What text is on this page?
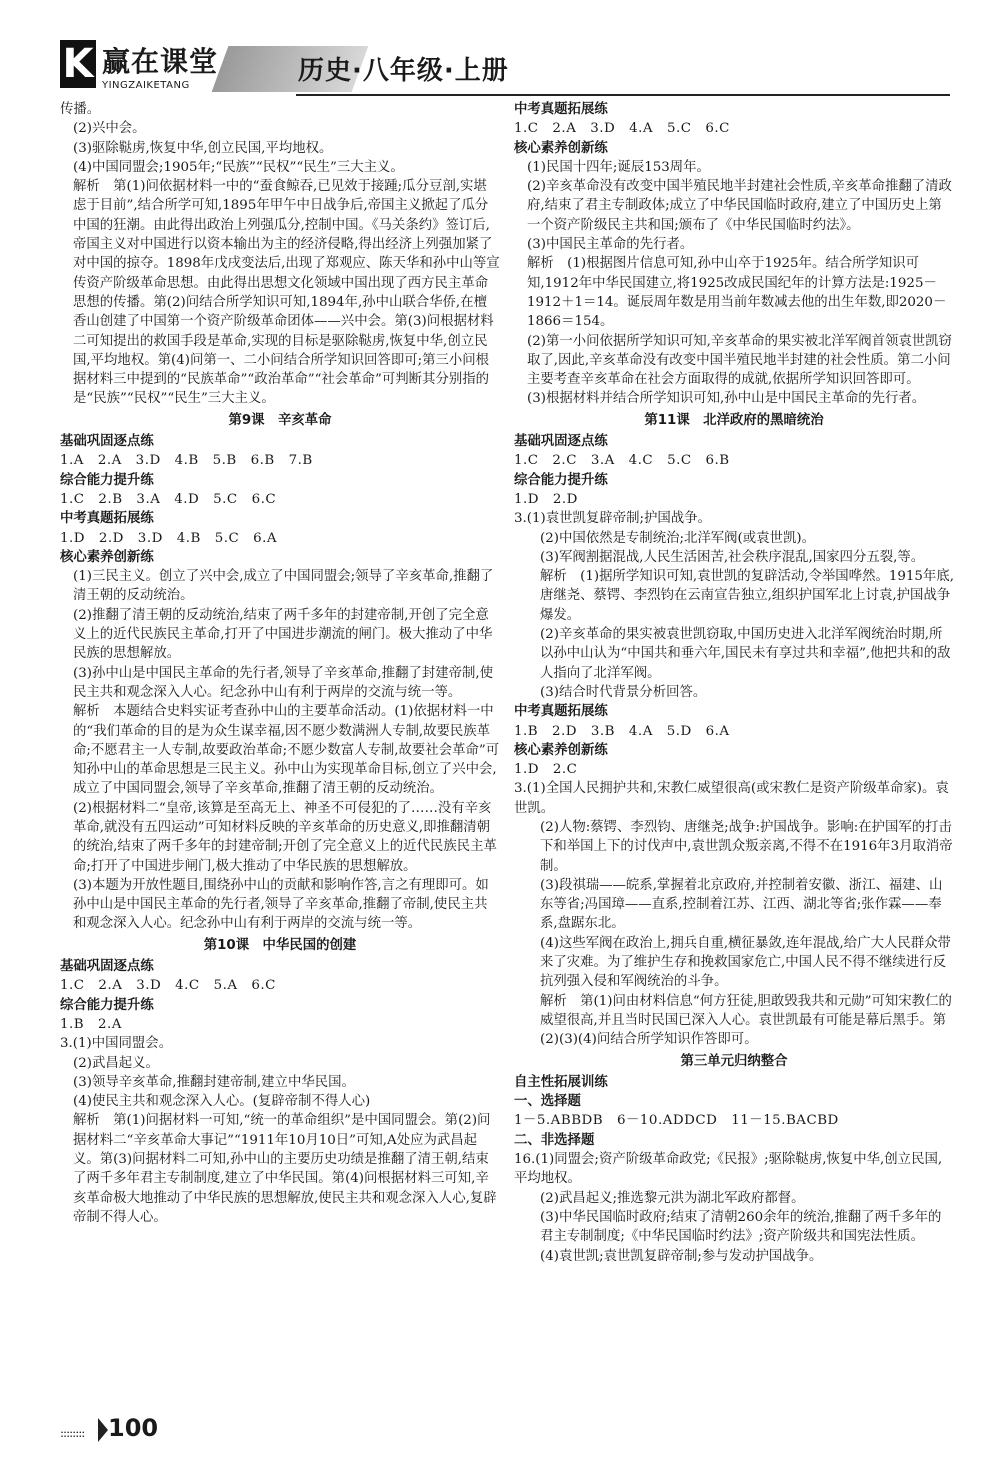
K 赢在课堂
YINGZAIKETANG	历史·八年级·上册
传播。
(2)兴中会。
(3)驱除鞑虏,恢复中华,创立民国,平均地权。
(4)中国同盟会;1905年;“民族”“民权”“民生”三大主义。
解析　第(1)问依据材料一中的“蚕食鲸吞,已见效于接踵;瓜分豆剖,实堪虑于目前”,结合所学可知,1895年甲午中日战争后,帝国主义掀起了瓜分中国的狂潮。由此得出政治上列强瓜分,控制中国。《马关条约》签订后,帝国主义对中国进行以资本输出为主的经济侵略,得出经济上列强加紧了对中国的掠夺。1898年戊戌变法后,出现了郑观应、陈天华和孙中山等宣传资产阶级革命思想。由此得出思想文化领域中国出现了西方民主革命思想的传播。第(2)问结合所学知识可知,1894年,孙中山联合华侨,在檀香山创建了中国第一个资产阶级革命团体——兴中会。第(3)问根据材料二可知提出的救国手段是革命,实现的目标是驱除鞑虏,恢复中华,创立民国,平均地权。第(4)问第一、二小问结合所学知识回答即可;第三小问根据材料三中提到的“民族革命”“政治革命”“社会革命”可判断其分别指的是“民族”“民权”“民生”三大主义。
第9课　辛亥革命
基础巩固逐点练
1.A　2.A　3.D　4.B　5.B　6.B　7.B
综合能力提升练
1.C　2.B　3.A　4.D　5.C　6.C
中考真题拓展练
1.D　2.D　3.D　4.B　5.C　6.A
核心素养创新练
(1)三民主义。创立了兴中会,成立了中国同盟会;领导了辛亥革命,推翻了清王朝的反动统治。
(2)推翻了清王朝的反动统治,结束了两千多年的封建帝制,开创了完全意义上的近代民族民主革命,打开了中国进步潮流的闸门。极大推动了中华民族的思想解放。
(3)孙中山是中国民主革命的先行者,领导了辛亥革命,推翻了封建帝制,使民主共和观念深入人心。纪念孙中山有利于两岸的交流与统一等。
解析　本题结合史料实证考查孙中山的主要革命活动。(1)依据材料一中的“我们革命的目的是为众生谋幸福,因不愿少数满洲人专制,故要民族革命;不愿君主一人专制,故要政治革命;不愿少数富人专制,故要社会革命”可知孙中山的革命思想是三民主义。孙中山为实现革命目标,创立了兴中会,成立了中国同盟会,领导了辛亥革命,推翻了清王朝的反动统治。
(2)根据材料二“皇帝,该算是至高无上、神圣不可侵犯的了……没有辛亥革命,就没有五四运动”可知材料反映的辛亥革命的历史意义,即推翻清朝的统治,结束了两千多年的封建帝制;开创了完全意义上的近代民族民主革命;打开了中国进步闸门,极大推动了中华民族的思想解放。
(3)本题为开放性题目,围绕孙中山的贡献和影响作答,言之有理即可。如孙中山是中国民主革命的先行者,领导了辛亥革命,推翻了帝制,使民主共和观念深入人心。纪念孙中山有利于两岸的交流与统一等。
第10课　中华民国的创建
基础巩固逐点练
1.C　2.A　3.D　4.C　5.A　6.C
综合能力提升练
1.B　2.A
3.(1)中国同盟会。
(2)武昌起义。
(3)领导辛亥革命,推翻封建帝制,建立中华民国。
(4)使民主共和观念深入人心。(复辟帝制不得人心)
解析　第(1)问据材料一可知,“统一的革命组织”是中国同盟会。第(2)问据材料二“辛亥革命大事记”“1911年10月10日”可知,A处应为武昌起义。第(3)问据材料二可知,孙中山的主要历史功绩是推翻了清王朝,结束了两千多年君主专制制度,建立了中华民国。第(4)问根据材料三可知,辛亥革命极大地推动了中华民族的思想解放,使民主共和观念深入人心,复辟帝制不得人心。
中考真题拓展练
1.C　2.A　3.D　4.A　5.C　6.C
核心素养创新练
(1)民国十四年;诞辰153周年。
(2)辛亥革命没有改变中国半殖民地半封建社会性质,辛亥革命推翻了清政府,结束了君主专制政体;成立了中华民国临时政府,建立了中国历史上第一个资产阶级民主共和国;颁布了《中华民国临时约法》。
(3)中国民主革命的先行者。
解析　(1)根据图片信息可知,孙中山卒于1925年。结合所学知识可知,1912年中华民国建立,将1925改成民国纪年的计算方法是:1925－1912＋1＝14。诞辰周年数是用当前年数减去他的出生年数,即2020－1866＝154。
(2)第一小问依据所学知识可知,辛亥革命的果实被北洋军阀首领袁世凯窃取了,因此,辛亥革命没有改变中国半殖民地半封建的社会性质。第二小问主要考查辛亥革命在社会方面取得的成就,依据所学知识回答即可。
(3)根据材料并结合所学知识可知,孙中山是中国民主革命的先行者。
第11课　北洋政府的黑暗统治
基础巩固逐点练
1.C　2.C　3.A　4.C　5.C　6.B
综合能力提升练
1.D　2.D
3.(1)袁世凯复辟帝制;护国战争。
(2)中国依然是专制统治;北洋军阀(或袁世凯)。
(3)军阀割据混战,人民生活困苦,社会秩序混乱,国家四分五裂,等。
解析　(1)据所学知识可知,袁世凯的复辟活动,令举国哗然。1915年底,唐继尧、蔡锷、李烈钧在云南宣告独立,组织护国军北上讨袁,护国战争爆发。
(2)辛亥革命的果实被袁世凯窃取,中国历史进入北洋军阀统治时期,所以孙中山认为“中国共和垂六年,国民未有享过共和幸福”,他把共和的敌人指向了北洋军阀。
(3)结合时代背景分析回答。
中考真题拓展练
1.B　2.D　3.B　4.A　5.D　6.A
核心素养创新练
1.D　2.C
3.(1)全国人民拥护共和,宋教仁威望很高(或宋教仁是资产阶级革命家)。袁世凯。
(2)人物:蔡锷、李烈钧、唐继尧;战争:护国战争。影响:在护国军的打击下和举国上下的讨伐声中,袁世凯众叛亲离,不得不在1916年3月取消帝制。
(3)段祺瑞——皖系,掌握着北京政府,并控制着安徽、浙江、福建、山东等省;冯国璋——直系,控制着江苏、江西、湖北等省;张作霖——奉系,盘踞东北。
(4)这些军阀在政治上,拥兵自重,横征暴敛,连年混战,给广大人民群众带来了灾难。为了维护生存和挽救国家危亡,中国人民不得不继续进行反抗列强入侵和军阀统治的斗争。
解析　第(1)问由材料信息“何方狂徒,胆敢毁我共和元勋”可知宋教仁的威望很高,并且当时民国已深入人心。袁世凯最有可能是幕后黑手。第(2)(3)(4)问结合所学知识作答即可。
第三单元归纳整合
自主性拓展训练
一、选择题
1－5.ABBDB　6－10.ADDCD　11－15.BACBD
二、非选择题
16.(1)同盟会;资产阶级革命政党;《民报》;驱除鞑虏,恢复中华,创立民国,平均地权。
(2)武昌起义;推选黎元洪为湖北军政府都督。
(3)中华民国临时政府;结束了清朝260余年的统治,推翻了两千多年的君主专制制度;《中华民国临时约法》;资产阶级共和国宪法性质。
(4)袁世凯;袁世凯复辟帝制;参与发动护国战争。
:::::::: 100
